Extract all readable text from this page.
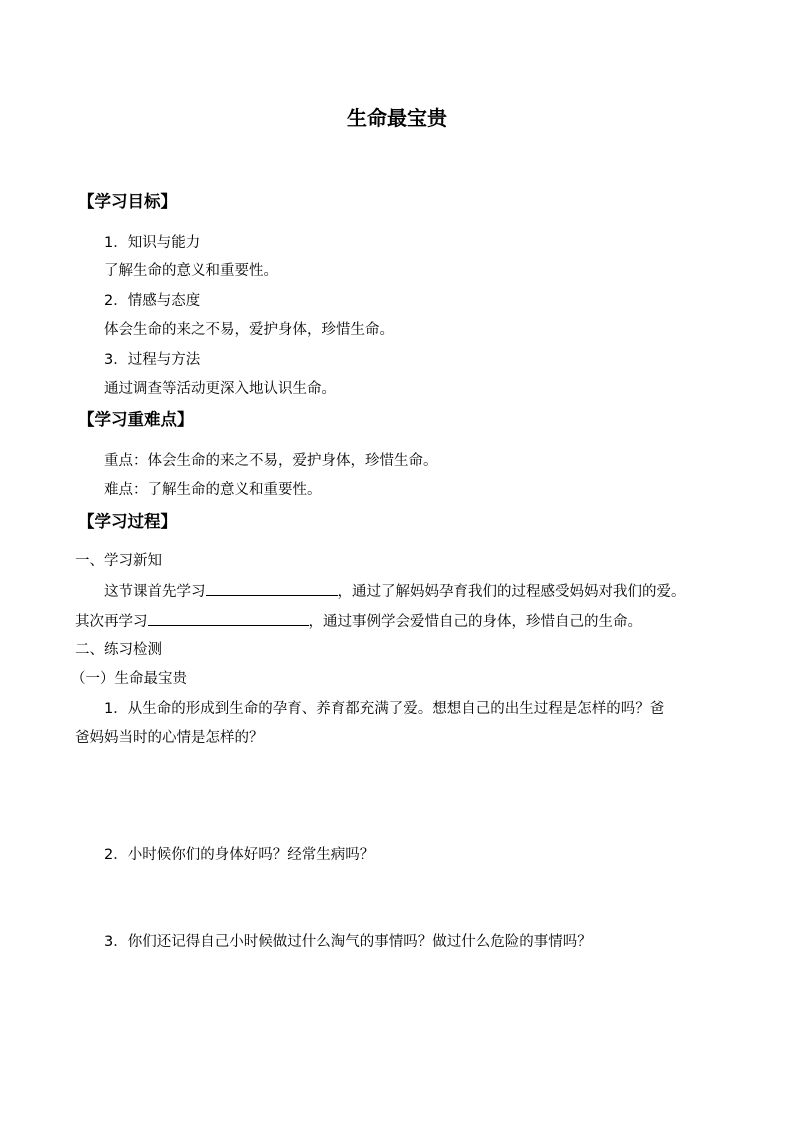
生命最宝贵
【学习目标】
1．知识与能力
了解生命的意义和重要性。
2．情感与态度
体会生命的来之不易，爱护身体，珍惜生命。
3．过程与方法
通过调查等活动更深入地认识生命。
【学习重难点】
重点：体会生命的来之不易，爱护身体，珍惜生命。
难点：了解生命的意义和重要性。
【学习过程】
一、学习新知
这节课首先学习	，通过了解妈妈孕育我们的过程感受妈妈对我们的爱。
其次再学习	，通过事例学会爱惜自己的身体，珍惜自己的生命。
二、练习检测
（一）生命最宝贵
1．从生命的形成到生命的孕育、养育都充满了爱。想想自己的出生过程是怎样的吗？爸
爸妈妈当时的心情是怎样的？
2．小时候你们的身体好吗？经常生病吗？
3．你们还记得自己小时候做过什么淘气的事情吗？做过什么危险的事情吗？
